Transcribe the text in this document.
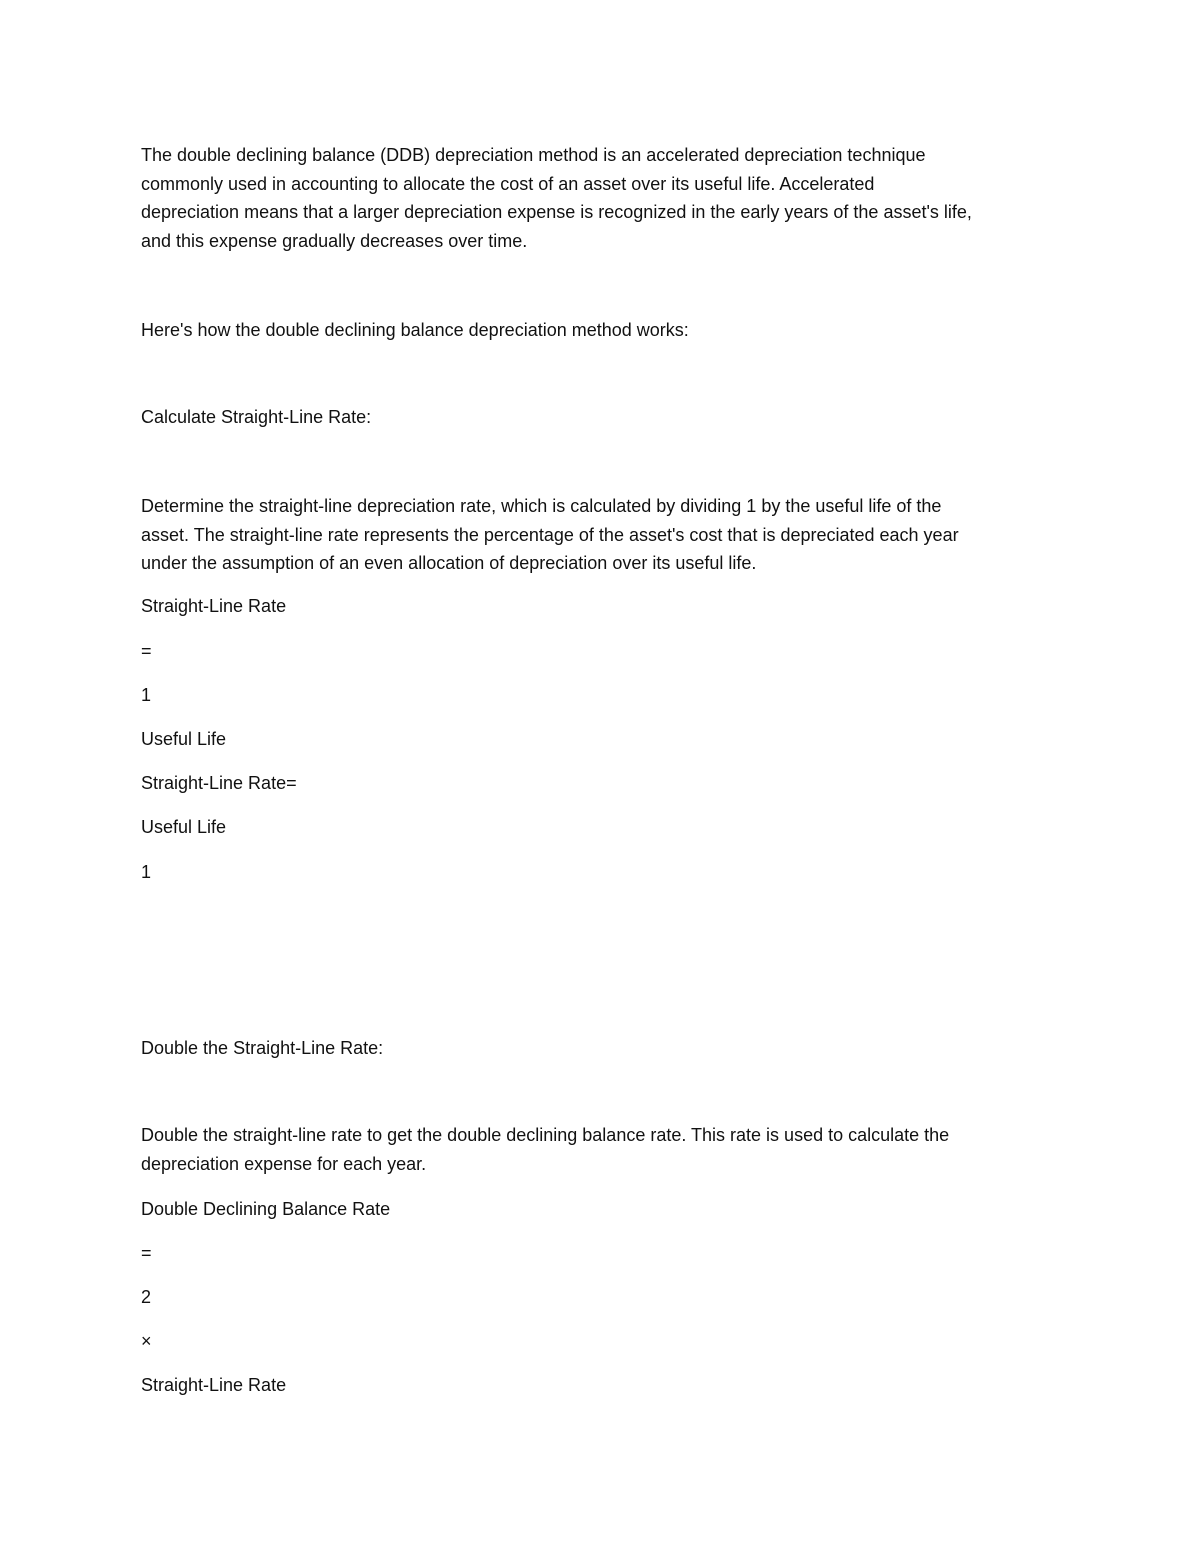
The double declining balance (DDB) depreciation method is an accelerated depreciation technique
commonly used in accounting to allocate the cost of an asset over its useful life. Accelerated
depreciation means that a larger depreciation expense is recognized in the early years of the asset's life,
and this expense gradually decreases over time.

Here's how the double declining balance depreciation method works:

Calculate Straight-Line Rate:

Determine the straight-line depreciation rate, which is calculated by dividing 1 by the useful life of the
asset. The straight-line rate represents the percentage of the asset's cost that is depreciated each year
under the assumption of an even allocation of depreciation over its useful life.

Straight-Line Rate

=

1

Useful Life

Straight-Line Rate=

Useful Life

1

Double the Straight-Line Rate:

Double the straight-line rate to get the double declining balance rate. This rate is used to calculate the
depreciation expense for each year.

Double Declining Balance Rate

=

2

×

Straight-Line Rate
